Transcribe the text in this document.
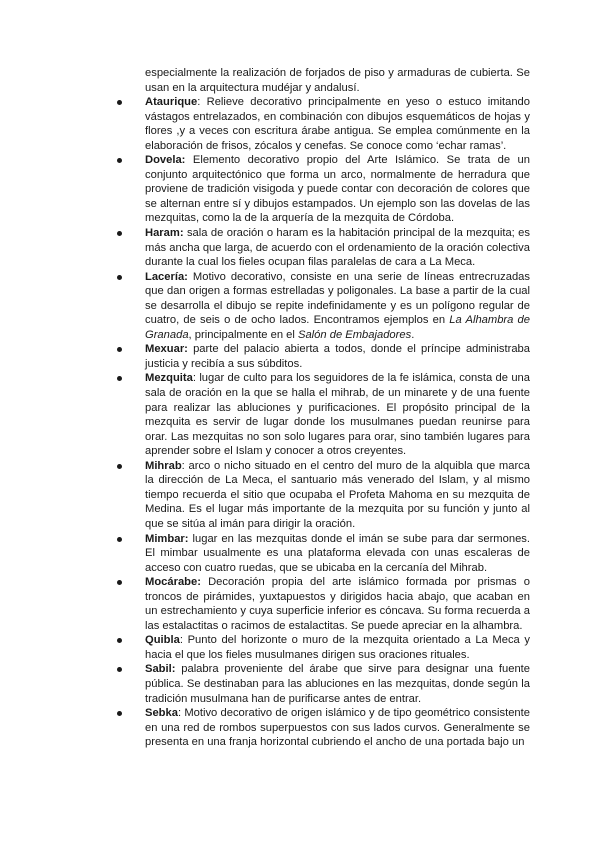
especialmente la realización de forjados de piso y armaduras de cubierta. Se usan en la arquitectura mudéjar y andalusí.

Ataurique: Relieve decorativo principalmente en yeso o estuco imitando vástagos entrelazados, en combinación con dibujos esquemáticos de hojas y flores ,y a veces con escritura árabe antigua. Se emplea comúnmente en la elaboración de frisos, zócalos y cenefas. Se conoce como ‘echar ramas’.
Dovela: Elemento decorativo propio del Arte Islámico. Se trata de un conjunto arquitectónico que forma un arco, normalmente de herradura que proviene de tradición visigoda y puede contar con decoración de colores que se alternan entre sí y dibujos estampados. Un ejemplo son las dovelas de las mezquitas, como la de la arquería de la mezquita de Córdoba.
Haram: sala de oración o haram es la habitación principal de la mezquita; es más ancha que larga, de acuerdo con el ordenamiento de la oración colectiva durante la cual los fieles ocupan filas paralelas de cara a La Meca.
Lacería: Motivo decorativo, consiste en una serie de líneas entrecruzadas que dan origen a formas estrelladas y poligonales. La base a partir de la cual se desarrolla el dibujo se repite indefinidamente y es un polígono regular de cuatro, de seis o de ocho lados. Encontramos ejemplos en La Alhambra de Granada, principalmente en el Salón de Embajadores.
Mexuar: parte del palacio abierta a todos, donde el príncipe administraba justicia y recibía a sus súbditos.
Mezquita: lugar de culto para los seguidores de la fe islámica, consta de una sala de oración en la que se halla el mihrab, de un minarete y de una fuente para realizar las abluciones y purificaciones. El propósito principal de la mezquita es servir de lugar donde los musulmanes puedan reunirse para orar. Las mezquitas no son solo lugares para orar, sino también lugares para aprender sobre el Islam y conocer a otros creyentes.
Mihrab: arco o nicho situado en el centro del muro de la alquibla que marca la dirección de La Meca, el santuario más venerado del Islam, y al mismo tiempo recuerda el sitio que ocupaba el Profeta Mahoma en su mezquita de Medina. Es el lugar más importante de la mezquita por su función y junto al que se sitúa al imán para dirigir la oración.
Mimbar: lugar en las mezquitas donde el imán se sube para dar sermones. El mimbar usualmente es una plataforma elevada con unas escaleras de acceso con cuatro ruedas, que se ubicaba en la cercanía del Mihrab.
Mocárabe: Decoración propia del arte islámico formada por prismas o troncos de pirámides, yuxtapuestos y dirigidos hacia abajo, que acaban en un estrechamiento y cuya superficie inferior es cóncava. Su forma recuerda a las estalactitas o racimos de estalactitas. Se puede apreciar en la alhambra.
Quibla: Punto del horizonte o muro de la mezquita orientado a La Meca y hacia el que los fieles musulmanes dirigen sus oraciones rituales.
Sabil: palabra proveniente del árabe que sirve para designar una fuente pública. Se destinaban para las abluciones en las mezquitas, donde según la tradición musulmana han de purificarse antes de entrar.
Sebka: Motivo decorativo de origen islámico y de tipo geométrico consistente en una red de rombos superpuestos con sus lados curvos. Generalmente se presenta en una franja horizontal cubriendo el ancho de una portada bajo un
